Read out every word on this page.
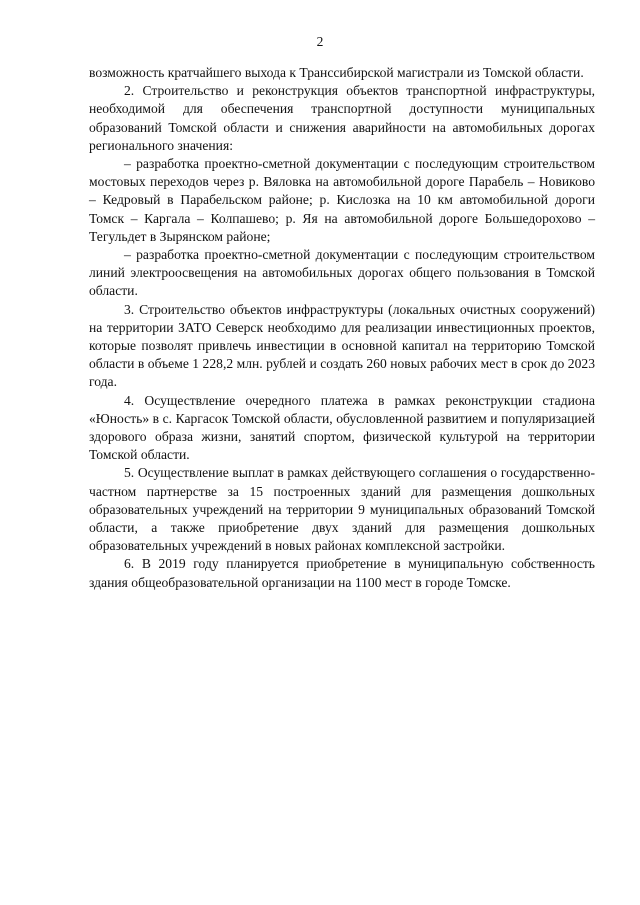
2

возможность кратчайшего выхода к Транссибирской магистрали из Томской области.

2. Строительство и реконструкция объектов транспортной инфраструктуры, необходимой для обеспечения транспортной доступности муниципальных образований Томской области и снижения аварийности на автомобильных дорогах регионального значения:

– разработка проектно-сметной документации с последующим строительством мостовых переходов через р. Вяловка на автомобильной дороге Парабель – Новиково – Кедровый в Парабельском районе; р. Кислозка на 10 км автомобильной дороги Томск – Каргала – Колпашево; р. Яя на автомобильной дороге Большедорохово – Тегульдет в Зырянском районе;

– разработка проектно-сметной документации с последующим строительством линий электроосвещения на автомобильных дорогах общего пользования в Томской области.

3. Строительство объектов инфраструктуры (локальных очистных сооружений) на территории ЗАТО Северск необходимо для реализации инвестиционных проектов, которые позволят привлечь инвестиции в основной капитал на территорию Томской области в объеме 1 228,2 млн. рублей и создать 260 новых рабочих мест в срок до 2023 года.

4. Осуществление очередного платежа в рамках реконструкции стадиона «Юность» в с. Каргасок Томской области, обусловленной развитием и популяризацией здорового образа жизни, занятий спортом, физической культурой на территории Томской области.

5. Осуществление выплат в рамках действующего соглашения о государственно-частном партнерстве за 15 построенных зданий для размещения дошкольных образовательных учреждений на территории 9 муниципальных образований Томской области, а также приобретение двух зданий для размещения дошкольных образовательных учреждений в новых районах комплексной застройки.

6. В 2019 году планируется приобретение в муниципальную собственность здания общеобразовательной организации на 1100 мест в городе Томске.
